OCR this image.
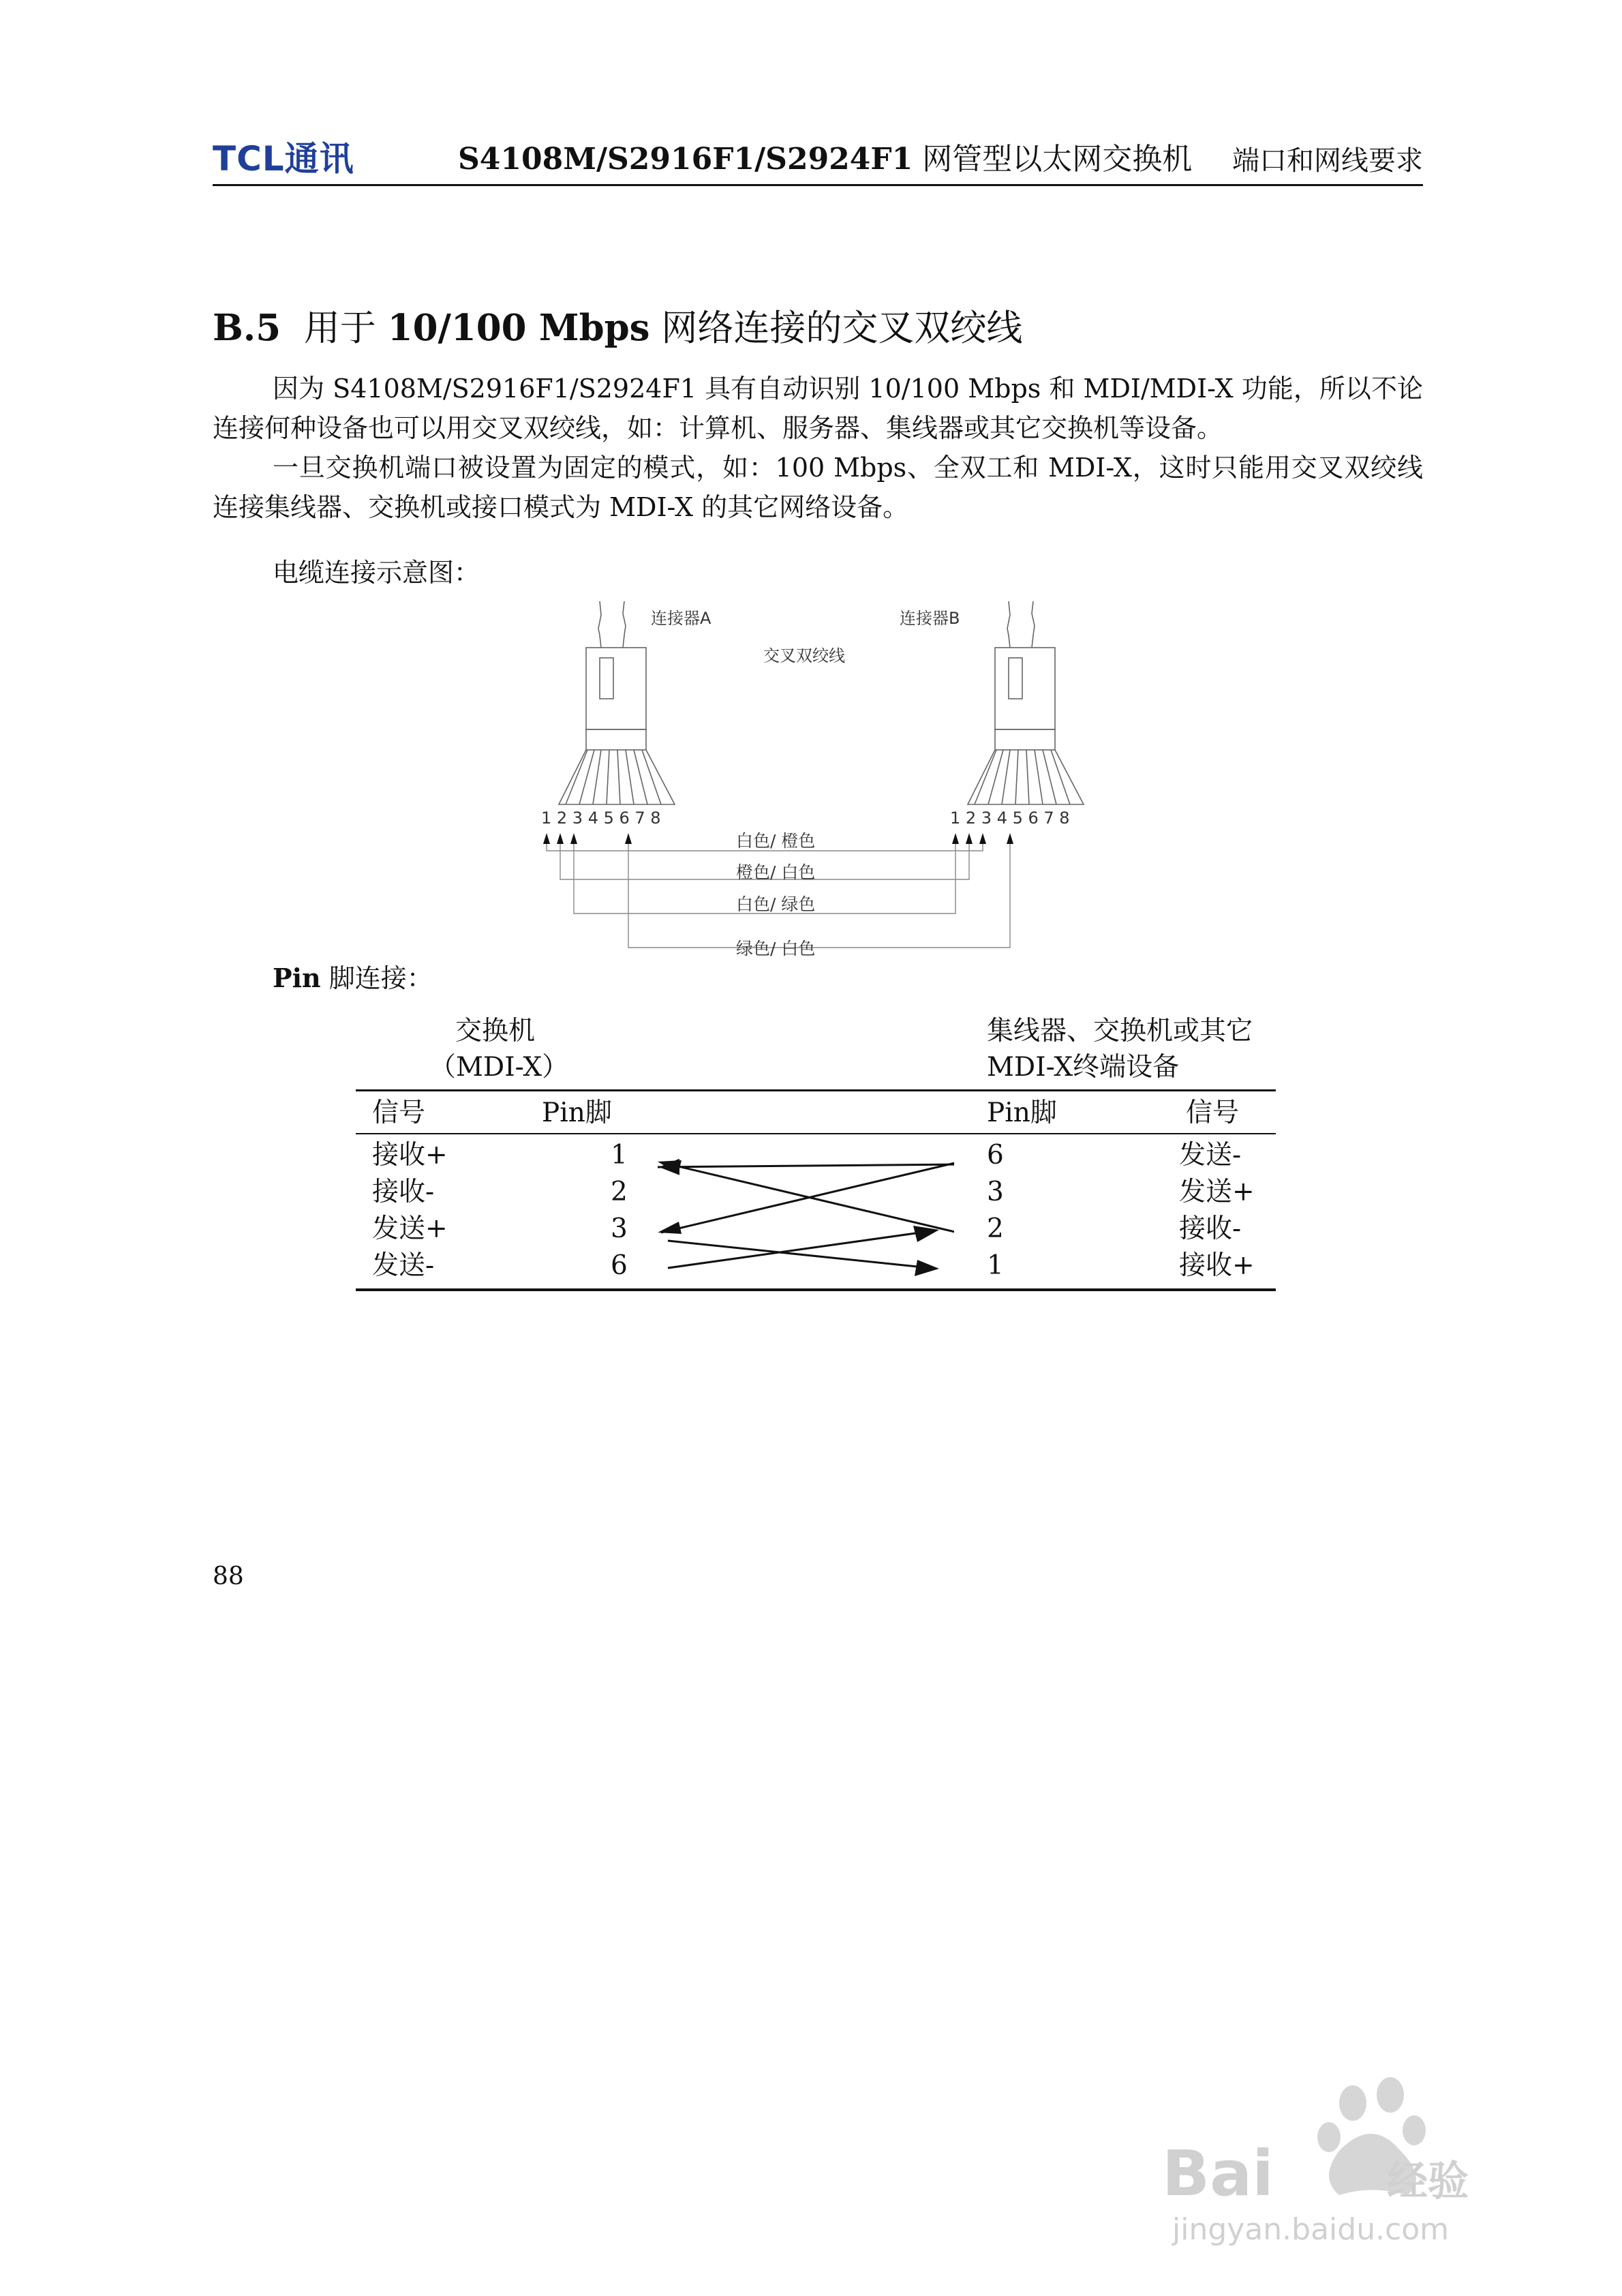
TCL通讯	S4108M/S2916F1/S2924F1 网管型以太网交换机 端口和网线要求
B.5 用于 10/100 Mbps 网络连接的交叉双绞线

因为 S4108M/S2916F1/S2924F1 具有自动识别 10/100 Mbps 和 MDI/MDI-X 功能，所以不论连接何种设备也可以用交叉双绞线，如：计算机、服务器、集线器或其它交换机等设备。

一旦交换机端口被设置为固定的模式，如：100 Mbps、全双工和 MDI-X，这时只能用交叉双绞线连接集线器、交换机或接口模式为 MDI-X 的其它网络设备。

电缆连接示意图：
连接器A	连接器B
交叉双绞线
1 2 3 4 5 6 7 8	1 2 3 4 5 6 7 8
白色/ 橙色
橙色/ 白色
白色/ 绿色
绿色/ 白色
Pin 脚连接：
交换机
（MDI-X）
集线器、交换机或其它
MDI-X终端设备
信号	Pin脚	Pin脚	信号
接收+	1	6	发送-
接收-	2	3	发送+
发送+	3	2	接收-
发送-	6	1	接收+
88
Bai	经验
jingyan.baidu.com
